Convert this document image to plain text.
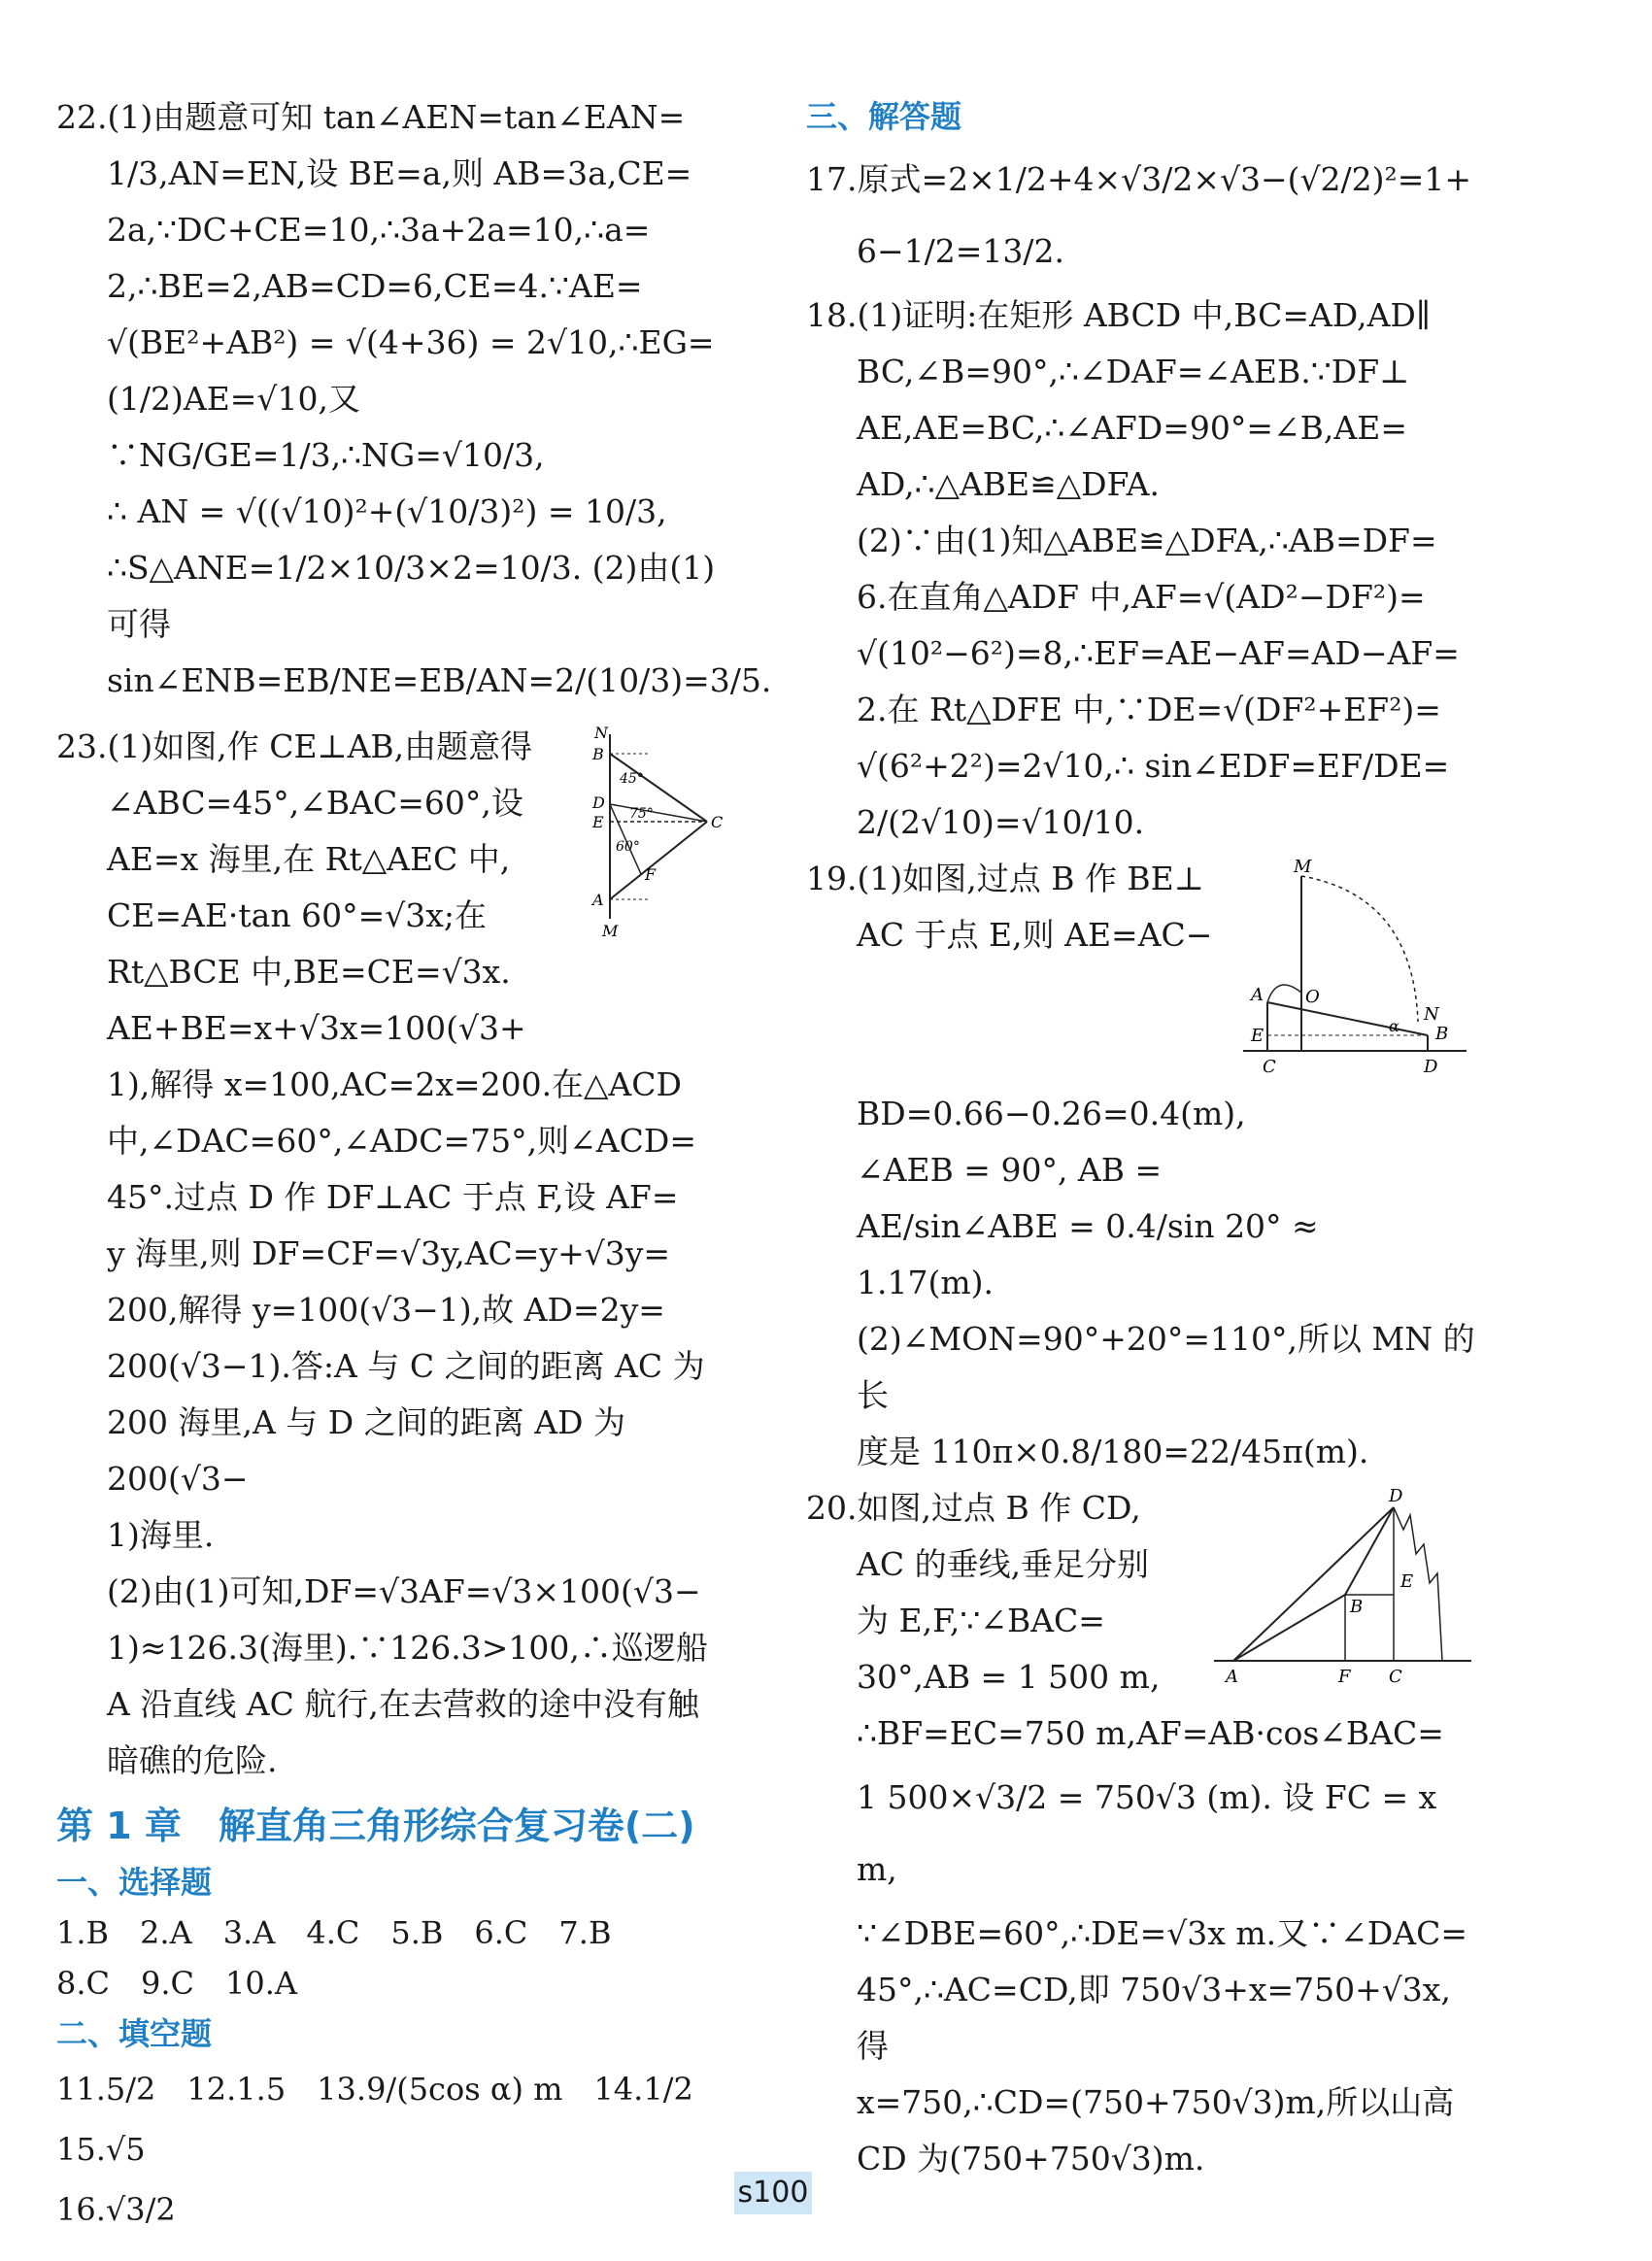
22.(1)由题意可知 tan∠AEN=tan∠EAN=

1/3,AN=EN,设 BE=a,则 AB=3a,CE=

2a,∵DC+CE=10,∴3a+2a=10,∴a=

2,∴BE=2,AB=CD=6,CE=4.∵AE=

√(BE²+AB²) = √(4+36) = 2√10,∴EG=

(1/2)AE=√10,又∵NG/GE=1/3,∴NG=√10/3,

∴ AN = √((√10)²+(√10/3)²) = 10/3,

∴S△ANE=1/2×10/3×2=10/3. (2)由(1)可得

sin∠ENB=EB/NE=EB/AN=2/(10/3)=3/5.

N
B
45°
D
E 75°	C
60°
F
A
M

23.(1)如图,作 CE⊥AB,由题意得

∠ABC=45°,∠BAC=60°,设

AE=x 海里,在 Rt△AEC 中,

CE=AE·tan 60°=√3x;在

Rt△BCE 中,BE=CE=√3x.

AE+BE=x+√3x=100(√3+

1),解得 x=100,AC=2x=200.在△ACD

中,∠DAC=60°,∠ADC=75°,则∠ACD=

45°.过点 D 作 DF⊥AC 于点 F,设 AF=

y 海里,则 DF=CF=√3y,AC=y+√3y=

200,解得 y=100(√3−1),故 AD=2y=

200(√3−1).答:A 与 C 之间的距离 AC 为

200 海里,A 与 D 之间的距离 AD 为 200(√3−

1)海里.

(2)由(1)可知,DF=√3AF=√3×100(√3−

1)≈126.3(海里).∵126.3>100,∴巡逻船

A 沿直线 AC 航行,在去营救的途中没有触

暗礁的危险.

第 1 章　解直角三角形综合复习卷(二)
一、选择题

1.B　2.A　3.A　4.C　5.B　6.C　7.B

8.C　9.C　10.A

二、填空题

11.5/2　12.1.5　13.9/(5cos α) m　14.1/2　15.√5

16.√3/2

三、解答题

17.原式=2×1/2+4×√3/2×√3−(√2/2)²=1+

6−1/2=13/2.

18.(1)证明:在矩形 ABCD 中,BC=AD,AD∥

BC,∠B=90°,∴∠DAF=∠AEB.∵DF⊥

AE,AE=BC,∴∠AFD=90°=∠B,AE=

AD,∴△ABE≌△DFA.

(2)∵由(1)知△ABE≌△DFA,∴AB=DF=

6.在直角△ADF 中,AF=√(AD²−DF²)=

√(10²−6²)=8,∴EF=AE−AF=AD−AF=

2.在 Rt△DFE 中,∵DE=√(DF²+EF²)=

√(6²+2²)=2√10,∴ sin∠EDF=EF/DE=

2/(2√10)=√10/10.

M
A O
N
E	α B
C	D

19.(1)如图,过点 B 作 BE⊥

AC 于点 E,则 AE=AC−

BD=0.66−0.26=0.4(m),

∠AEB = 90°, AB =

AE/sin∠ABE = 0.4/sin 20° ≈

1.17(m).

(2)∠MON=90°+20°=110°,所以 MN 的长

度是 110π×0.8/180=22/45π(m).

D
E
B
A	F C

20.如图,过点 B 作 CD,

AC 的垂线,垂足分别

为 E,F,∵∠BAC=

30°,AB = 1 500 m,

∴BF=EC=750 m,AF=AB·cos∠BAC=

1 500×√3/2 = 750√3 (m). 设 FC = x m,

∵∠DBE=60°,∴DE=√3x m.又∵∠DAC=

45°,∴AC=CD,即 750√3+x=750+√3x,得

x=750,∴CD=(750+750√3)m,所以山高

CD 为(750+750√3)m.

s100
